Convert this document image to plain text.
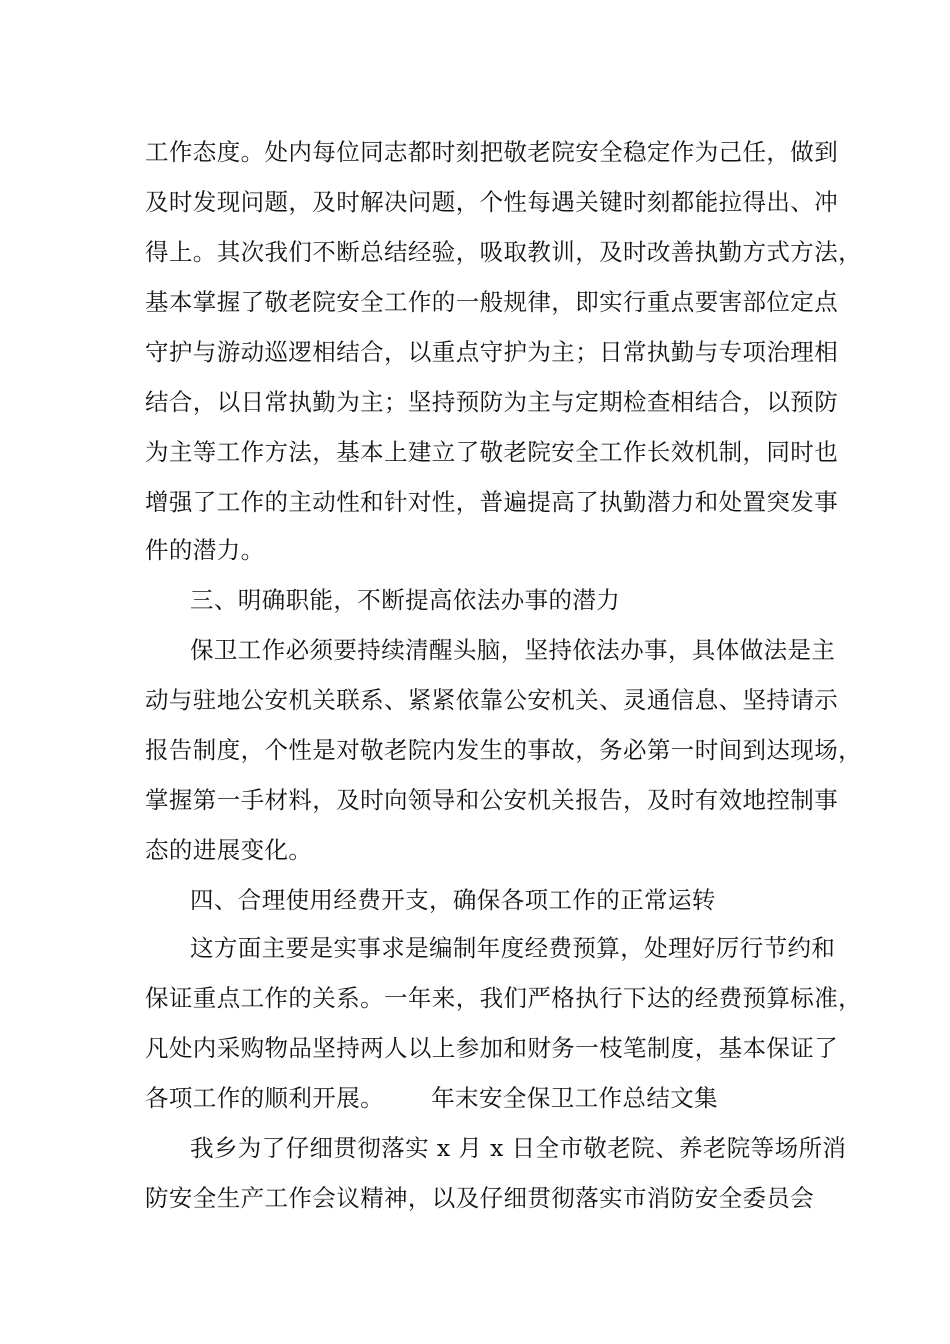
工作态度。处内每位同志都时刻把敬老院安全稳定作为己任，做到
及时发现问题，及时解决问题，个性每遇关键时刻都能拉得出、冲
得上。其次我们不断总结经验，吸取教训，及时改善执勤方式方法，
基本掌握了敬老院安全工作的一般规律，即实行重点要害部位定点
守护与游动巡逻相结合，以重点守护为主；日常执勤与专项治理相
结合，以日常执勤为主；坚持预防为主与定期检查相结合，以预防
为主等工作方法，基本上建立了敬老院安全工作长效机制，同时也
增强了工作的主动性和针对性，普遍提高了执勤潜力和处置突发事
件的潜力。
三、明确职能，不断提高依法办事的潜力
保卫工作必须要持续清醒头脑，坚持依法办事，具体做法是主
动与驻地公安机关联系、紧紧依靠公安机关、灵通信息、坚持请示
报告制度，个性是对敬老院内发生的事故，务必第一时间到达现场，
掌握第一手材料，及时向领导和公安机关报告，及时有效地控制事
态的进展变化。
四、合理使用经费开支，确保各项工作的正常运转
这方面主要是实事求是编制年度经费预算，处理好厉行节约和
保证重点工作的关系。一年来，我们严格执行下达的经费预算标准，
凡处内采购物品坚持两人以上参加和财务一枝笔制度，基本保证了
各项工作的顺利开展。      年末安全保卫工作总结文集
我乡为了仔细贯彻落实 x 月 x 日全市敬老院、养老院等场所消
防安全生产工作会议精神，以及仔细贯彻落实市消防安全委员会
